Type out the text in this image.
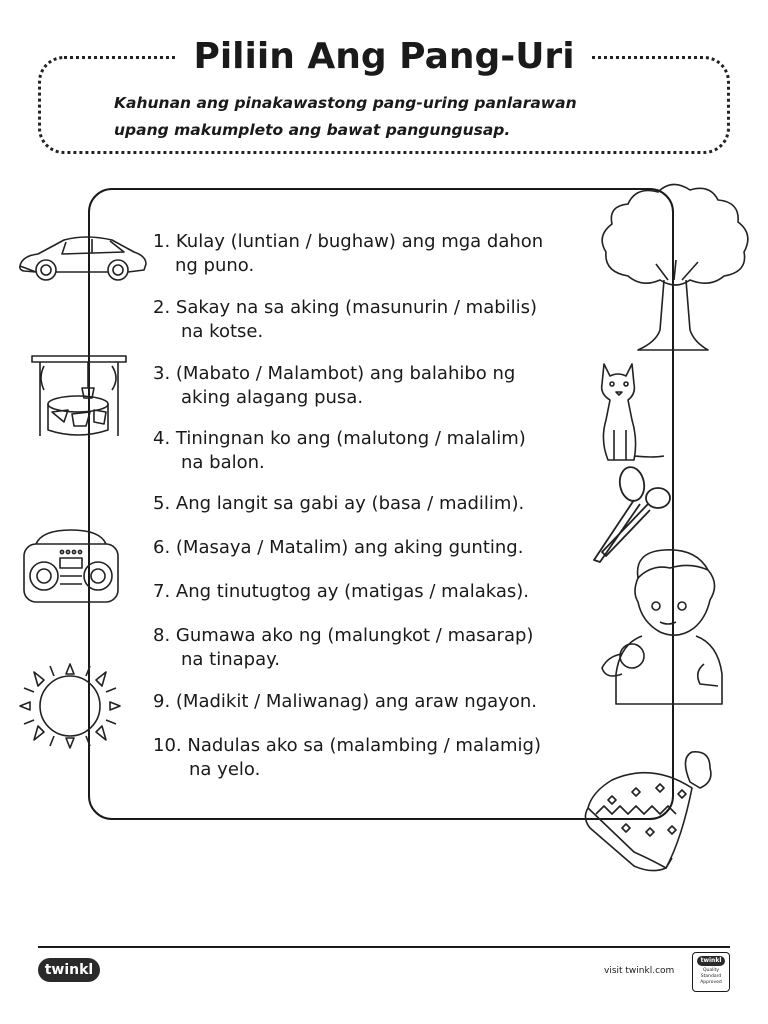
Piliin Ang Pang-Uri
Kahunan ang pinakawastong pang-uring panlarawan
upang makumpleto ang bawat pangungusap.
1. Kulay (luntian / bughaw) ang mga dahon
ng puno.
2. Sakay na sa aking (masunurin / mabilis)
na kotse.
3. (Mabato / Malambot) ang balahibo ng
aking alagang pusa.
4. Tiningnan ko ang (malutong / malalim)
na balon.
5. Ang langit sa gabi ay (basa / madilim).
6. (Masaya / Matalim) ang aking gunting.
7. Ang tinutugtog ay (matigas / malakas).
8. Gumawa ako ng (malungkot / masarap)
na tinapay.
9. (Madikit / Maliwanag) ang araw ngayon.
10. Nadulas ako sa (malambing / malamig)
na yelo.
twinkl	visit twinkl.com
twinkl
Quality Standard Approved
